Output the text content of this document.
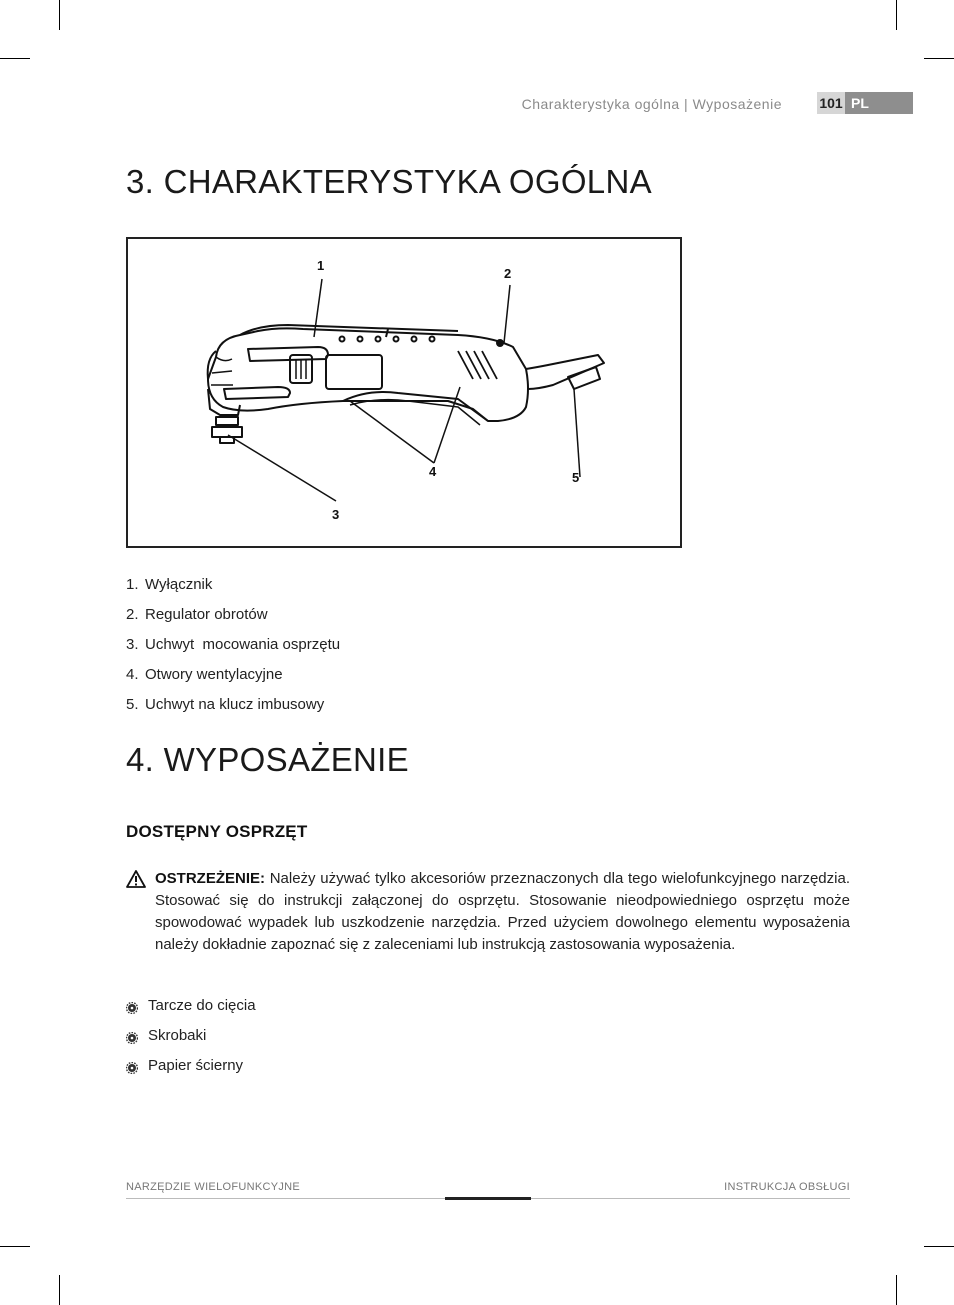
Charakterystyka ogólna | Wyposażenie	101 PL
3. CHARAKTERYSTYKA OGÓLNA
1
2
3
4	5
1. Wyłącznik
2. Regulator obrotów
3. Uchwyt  mocowania osprzętu
4. Otwory wentylacyjne
5. Uchwyt na klucz imbusowy
4. WYPOSAŻENIE
DOSTĘPNY OSPRZĘT

OSTRZEŻENIE: Należy używać tylko akcesoriów przeznaczonych dla tego wielofunkcyjnego narzędzia. Stosować się do instrukcji załączonej do osprzętu. Stosowanie nieodpowiedniego osprzętu może spowodować wypadek lub uszkodzenie narzędzia. Przed użyciem dowolnego elementu wyposażenia należy dokładnie zapoznać się z zaleceniami lub instrukcją zastosowania wyposażenia.

Tarcze do cięcia
Skrobaki
Papier ścierny
NARZĘDZIE WIELOFUNKCYJNE	INSTRUKCJA OBSŁUGI
